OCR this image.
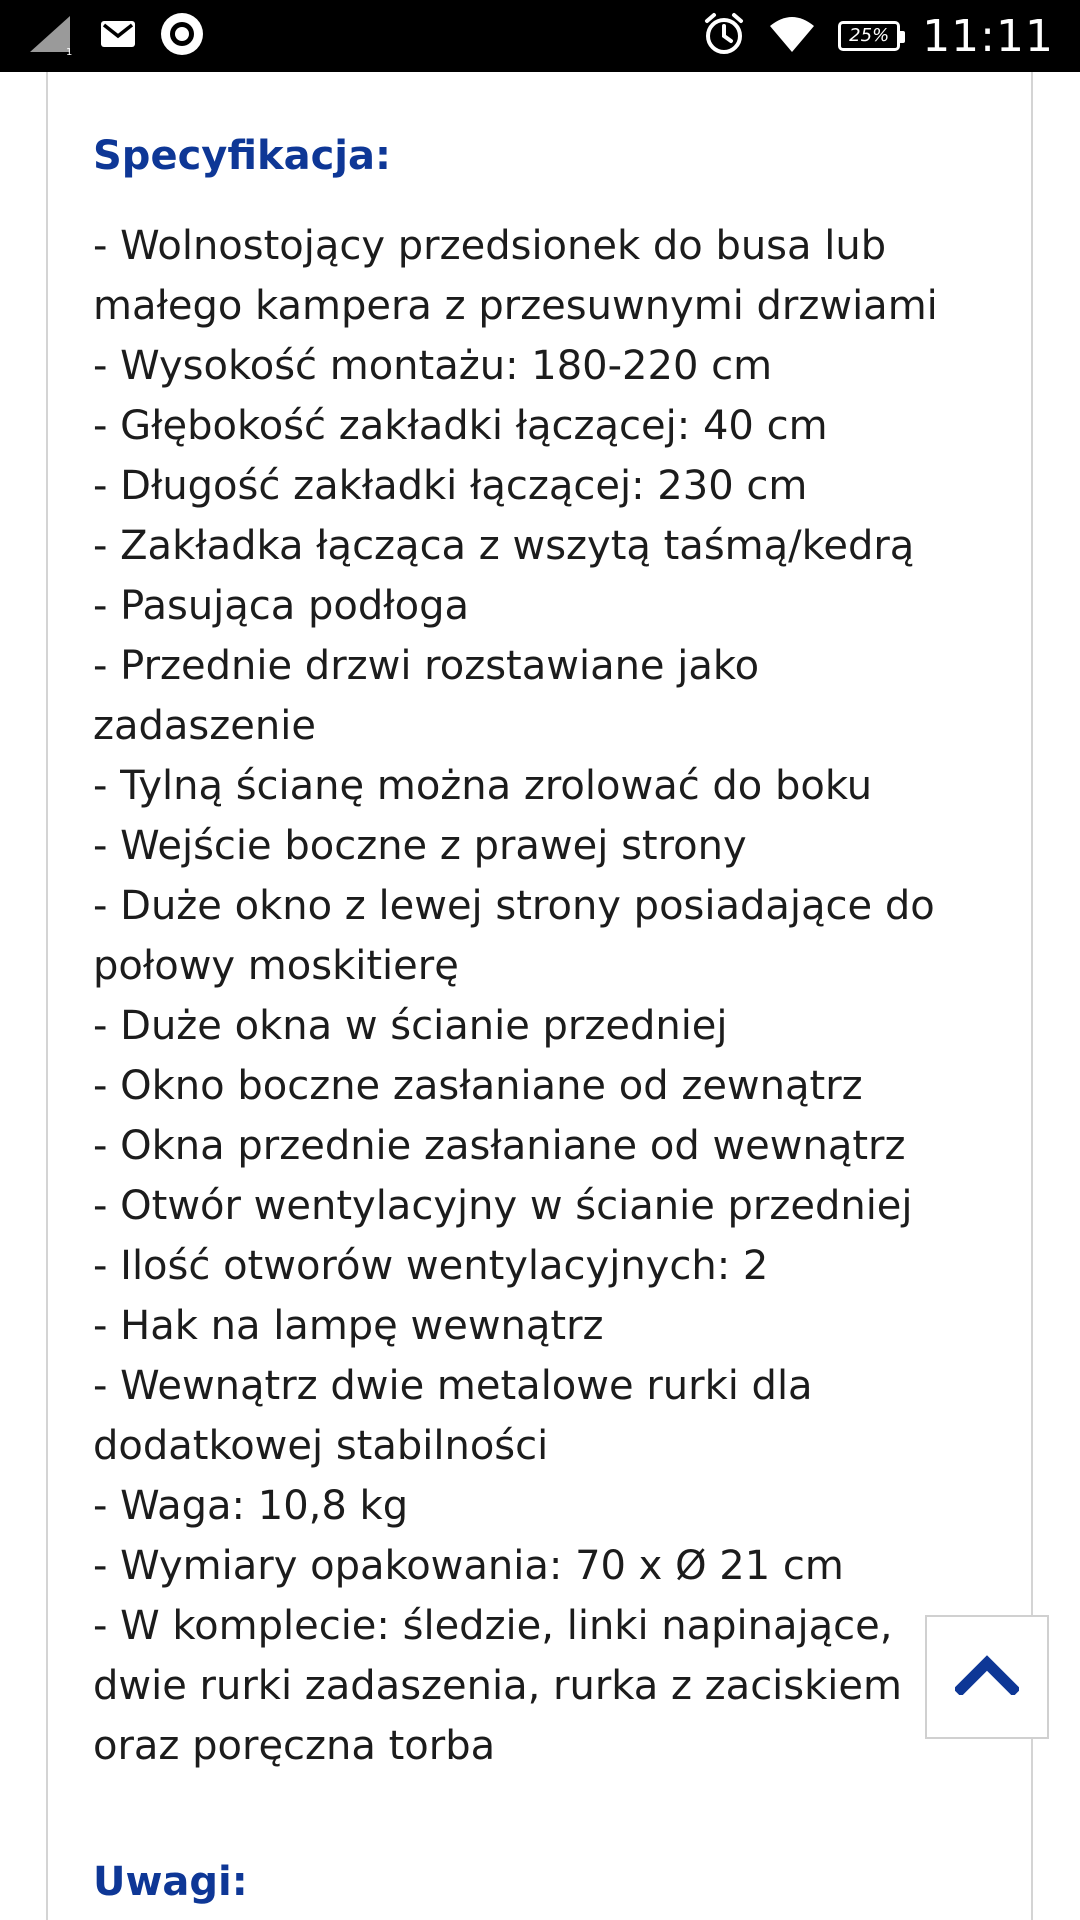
1
25% 11:11
Specyfikacja:
- Wolnostojący przedsionek do busa lub
małego kampera z przesuwnymi drzwiami
- Wysokość montażu: 180-220 cm
- Głębokość zakładki łączącej: 40 cm
- Długość zakładki łączącej: 230 cm
- Zakładka łącząca z wszytą taśmą/kedrą
- Pasująca podłoga
- Przednie drzwi rozstawiane jako
zadaszenie
- Tylną ścianę można zrolować do boku
- Wejście boczne z prawej strony
- Duże okno z lewej strony posiadające do
połowy moskitierę
- Duże okna w ścianie przedniej
- Okno boczne zasłaniane od zewnątrz
- Okna przednie zasłaniane od wewnątrz
- Otwór wentylacyjny w ścianie przedniej
- Ilość otworów wentylacyjnych: 2
- Hak na lampę wewnątrz
- Wewnątrz dwie metalowe rurki dla
dodatkowej stabilności
- Waga: 10,8 kg
- Wymiary opakowania: 70 x Ø 21 cm
- W komplecie: śledzie, linki napinające,
dwie rurki zadaszenia, rurka z zaciskiem
oraz poręczna torba
Uwagi:
